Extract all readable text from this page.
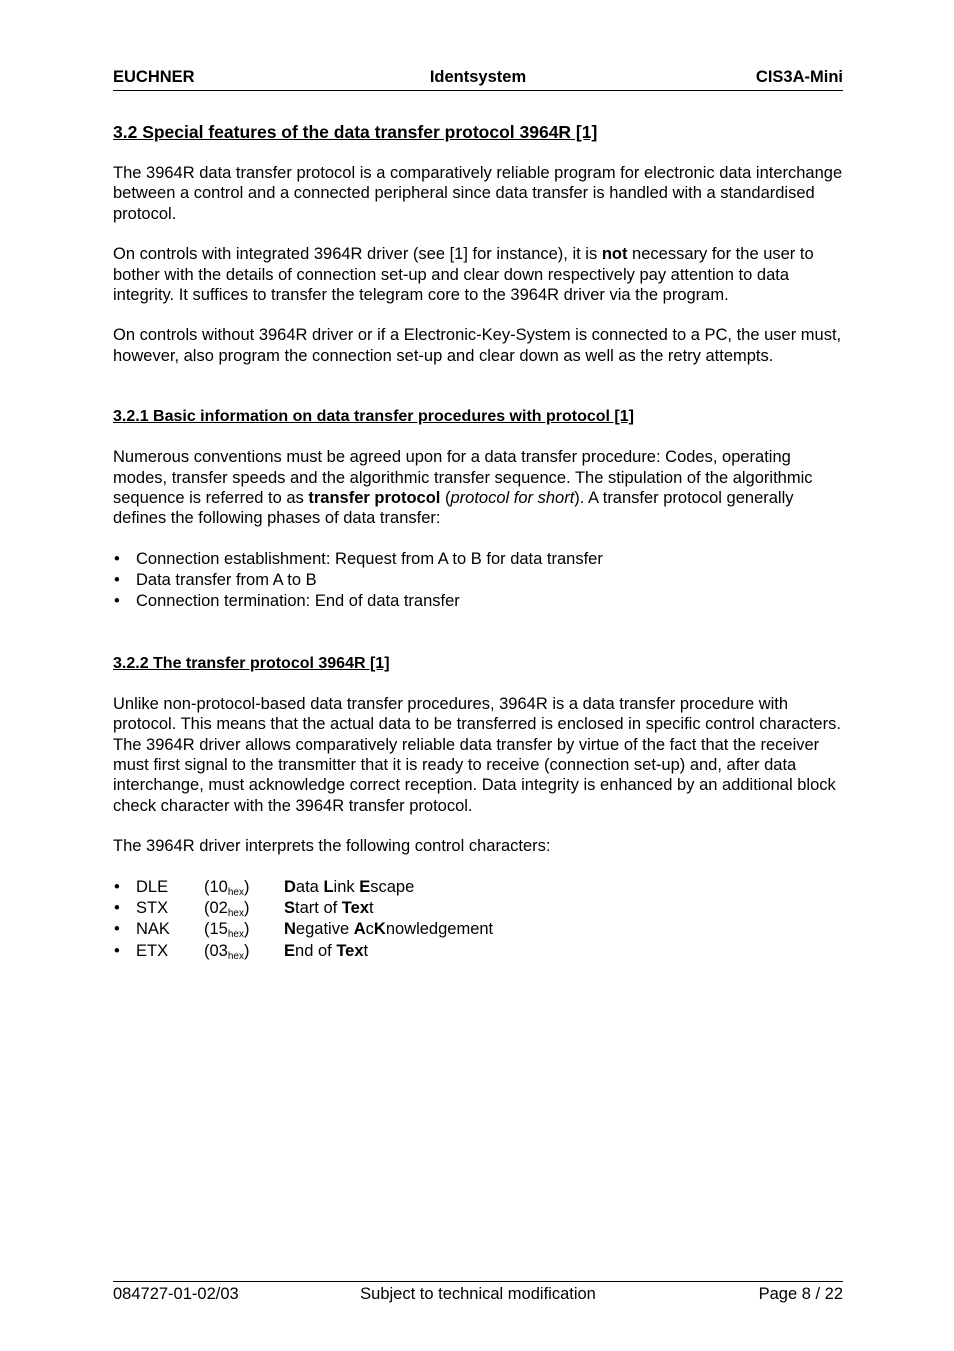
EUCHNER	Identsystem	CIS3A-Mini
3.2 Special features of the data transfer protocol 3964R [1]

The 3964R data transfer protocol is a comparatively reliable program for electronic data interchange between a control and a connected peripheral since data transfer is handled with a standardised protocol.

On controls with integrated 3964R driver (see [1] for instance), it is not necessary for the user to bother with the details of connection set-up and clear down respectively pay attention to data integrity. It suffices to transfer the telegram core to the 3964R driver via the program.

On controls without 3964R driver or if a Electronic-Key-System is connected to a PC, the user must, however, also program the connection set-up and clear down as well as the retry attempts.

3.2.1 Basic information on data transfer procedures with protocol [1]

Numerous conventions must be agreed upon for a data transfer procedure: Codes, operating modes, transfer speeds and the algorithmic transfer sequence. The stipulation of the algorithmic sequence is referred to as transfer protocol (protocol for short). A transfer protocol generally defines the following phases of data transfer:

• Connection establishment: Request from A to B for data transfer
• Data transfer from A to B
• Connection termination: End of data transfer
3.2.2 The transfer protocol 3964R [1]

Unlike non-protocol-based data transfer procedures, 3964R is a data transfer procedure with protocol. This means that the actual data to be transferred is enclosed in specific control characters. The 3964R driver allows comparatively reliable data transfer by virtue of the fact that the receiver must first signal to the transmitter that it is ready to receive (connection set-up) and, after data interchange, must acknowledge correct reception. Data integrity is enhanced by an additional block check character with the 3964R transfer protocol.

The 3964R driver interprets the following control characters:

• DLE $(10_{hex})$ Data Link Escape
• STX $(02_{hex})$ Start of Text
• NAK $(15_{hex})$ Negative AcKnowledgement
• ETX $(03_{hex})$ End of Text
084727-01-02/03	Subject to technical modification	Page 8 / 22
